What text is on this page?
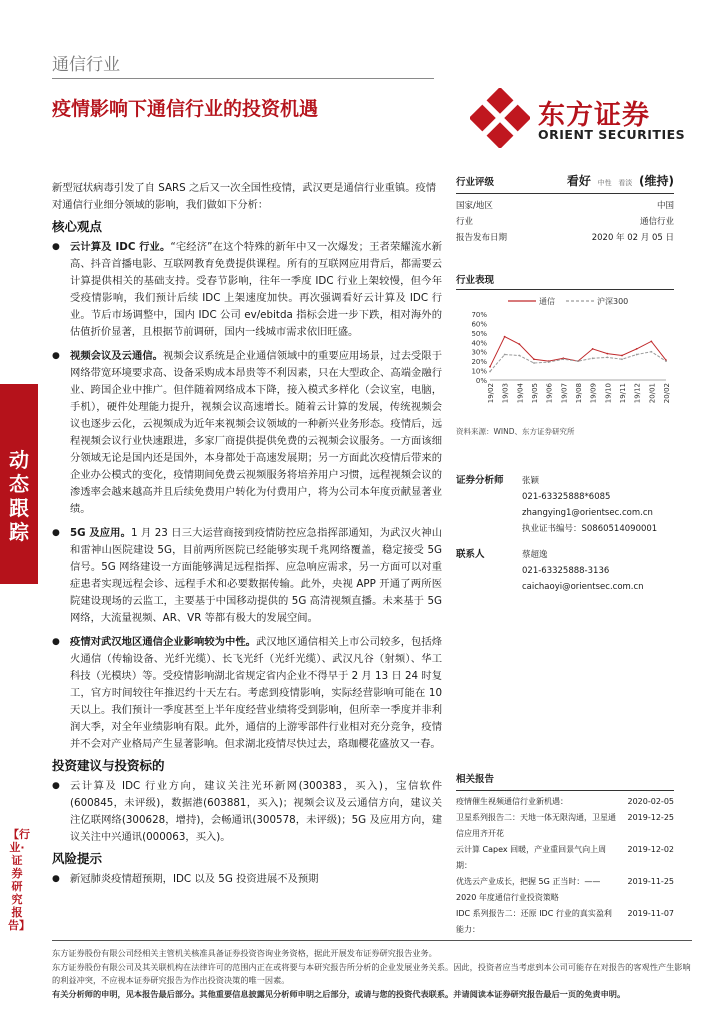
通信行业
疫情影响下通信行业的投资机遇	东方证券
ORIENT SECURITIES
动态跟踪
【行业·证券研究报告】

新型冠状病毒引发了自 SARS 之后又一次全国性疫情，武汉更是通信行业重镇。疫情对通信行业细分领域的影响，我们做如下分析：

核心观点

● 云计算及 IDC 行业。“宅经济”在这个特殊的新年中又一次爆发；王者荣耀流水新高、抖音首播电影、互联网教育免费提供课程。所有的互联网应用背后，都需要云计算提供相关的基础支持。受春节影响，往年一季度 IDC 行业上架较慢，但今年受疫情影响，我们预计后续 IDC 上架速度加快。再次强调看好云计算及 IDC 行业。节后市场调整中，国内 IDC 公司 ev/ebitda 指标会进一步下跌，相对海外的估值折价显著，且根据节前调研，国内一线城市需求依旧旺盛。

● 视频会议及云通信。视频会议系统是企业通信领域中的重要应用场景，过去受限于网络带宽环境要求高、设备采购成本昂贵等不利因素，只在大型政企、高端金融行业、跨国企业中推广。但伴随着网络成本下降，接入模式多样化（会议室，电脑，手机），硬件处理能力提升，视频会议高速增长。随着云计算的发展，传统视频会议也逐步云化，云视频成为近年来视频会议领域的一种新兴业务形态。疫情后，远程视频会议行业快速跟进，多家厂商提供提供免费的云视频会议服务。一方面该细分领域无论是国内还是国外，本身都处于高速发展期；另一方面此次疫情后带来的企业办公模式的变化，疫情期间免费云视频服务将培养用户习惯，远程视频会议的渗透率会越来越高并且后续免费用户转化为付费用户，将为公司本年度贡献显著业绩。

● 5G 及应用。1 月 23 日三大运营商接到疫情防控应急指挥部通知，为武汉火神山和雷神山医院建设 5G，目前两所医院已经能够实现千兆网络覆盖，稳定接受 5G 信号。5G 网络建设一方面能够满足远程指挥、应急响应需求，另一方面可以对重症患者实现远程会诊、远程手术和必要数据传输。此外，央视 APP 开通了两所医院建设现场的云监工，主要基于中国移动提供的 5G 高清视频直播。未来基于 5G 网络，大流量视频、AR、VR 等都有极大的发展空间。

● 疫情对武汉地区通信企业影响较为中性。武汉地区通信相关上市公司较多，包括烽火通信（传输设备、光纤光缆）、长飞光纤（光纤光缆）、武汉凡谷（射频）、华工科技（光模块）等。受疫情影响湖北省规定省内企业不得早于 2 月 13 日 24 时复工，官方时间较往年推迟约十天左右。考虑到疫情影响，实际经营影响可能在 10 天以上。我们预计一季度甚至上半年度经营业绩将受到影响，但所幸一季度并非利润大季，对全年业绩影响有限。此外，通信的上游零部件行业相对充分竞争，疫情并不会对产业格局产生显著影响。但求湖北疫情尽快过去，珞珈樱花盛放又一春。

投资建议与投资标的

● 云计算及 IDC 行业方向，建议关注光环新网(300383，买入)，宝信软件(600845，未评级)，数据港(603881，买入)；视频会议及云通信方向，建议关注亿联网络(300628，增持)，会畅通讯(300578，未评级)；5G 及应用方向，建议关注中兴通讯(000063，买入)。

风险提示

● 新冠肺炎疫情超预期，IDC 以及 5G 投资进展不及预期

行业评级	看好 中性 看淡 (维持)
国家/地区	中国
行业	通信行业
报告发布日期	2020 年 02 月 05 日
行业表现
通信	沪深300
0%
10%
20%
30%
40%
50%
60%
70%
19/02 19/03 19/04 19/05 19/06 19/07 19/08 19/09 19/10 19/11 19/12 20/01 20/02
资料来源：WIND、东方证券研究所
证券分析师	张颖
021-63325888*6085
zhangying1@orientsec.com.cn
执业证书编号：S0860514090001
联系人	蔡超逸
021-63325888-3136
caichaoyi@orientsec.com.cn
相关报告
疫情催生视频通信行业新机遇：	2020-02-05
卫星系列报告二：天地一体无限沟通，卫星通信应用齐开花
2019-12-25
云计算 Capex 回暖，产业重回景气向上周期：
2019-12-02
优选云产业成长，把握 5G 正当时：——2020 年度通信行业投资策略
2019-11-25
IDC 系列报告二：还原 IDC 行业的真实盈利能力：
2019-11-07
东方证券股份有限公司经相关主管机关核准具备证券投资咨询业务资格，据此开展发布证券研究报告业务。
东方证券股份有限公司及其关联机构在法律许可的范围内正在或将要与本研究报告所分析的企业发展业务关系。因此，投资者应当考虑到本公司可能存在对报告的客观性产生影响的利益冲突，不应视本证券研究报告为作出投资决策的唯一因素。
有关分析师的申明，见本报告最后部分。其他重要信息披露见分析师申明之后部分，或请与您的投资代表联系。并请阅读本证券研究报告最后一页的免责申明。
